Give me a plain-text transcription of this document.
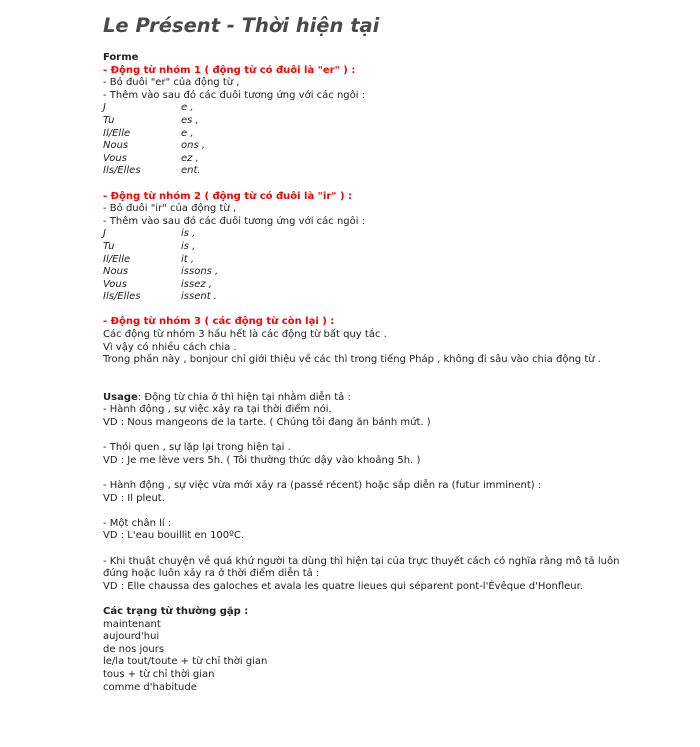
Le Présent - Thời hiện tại
Forme
- Động từ nhóm 1 ( động từ có đuôi là "er" ) :
- Bỏ đuôi "er" của động từ ,
- Thêm vào sau đó các đuôi tương ứng với các ngôi :
J	e ,
Tu	es ,
Il/Elle	e ,
Nous	ons ,
Vous	ez ,
Ils/Elles	ent.
- Động từ nhóm 2 ( động từ có đuôi là "ir" ) :
- Bỏ đuôi "ir" của động từ ,
- Thêm vào sau đó các đuôi tương ứng với các ngôi :
J	is ,
Tu	is ,
Il/Elle	it ,
Nous	issons ,
Vous	issez ,
Ils/Elles	issent .
- Động từ nhóm 3 ( các động từ còn lại ) :
Các động từ nhóm 3 hầu hết là các động từ bất quy tắc .
Vì vậy có nhiều cách chia .
Trong phần này , bonjour chỉ giới thiệu về các thì trong tiếng Pháp , không đi sâu vào chia động từ .
Usage: Động từ chia ở thì hiện tại nhằm diễn tả :
- Hành động , sự việc xảy ra tại thời điểm nói.
VD : Nous mangeons de la tarte. ( Chúng tôi đang ăn bánh mứt. )
- Thói quen , sự lặp lại trong hiện tại .
VD : Je me lève vers 5h. ( Tôi thường thức dậy vào khoảng 5h. )
- Hành động , sự việc vừa mới xảy ra (passé récent) hoặc sắp diễn ra (futur imminent) :
VD : Il pleut.
- Một chân lí :
VD : L'eau bouillit en 100ºC.
- Khi thuật chuyện về quá khứ người ta dùng thì hiện tại của trực thuyết cách có nghĩa rằng mô tả luôn đúng hoặc luôn xảy ra ở thời điểm diễn tả :
VD : Elle chaussa des galoches et avala les quatre lieues qui séparent pont-l'Évêque d'Honfleur.
Các trạng từ thường gặp :
maintenant
aujourd'hui
de nos jours
le/la tout/toute + từ chỉ thời gian
tous + từ chỉ thời gian
comme d'habitude
